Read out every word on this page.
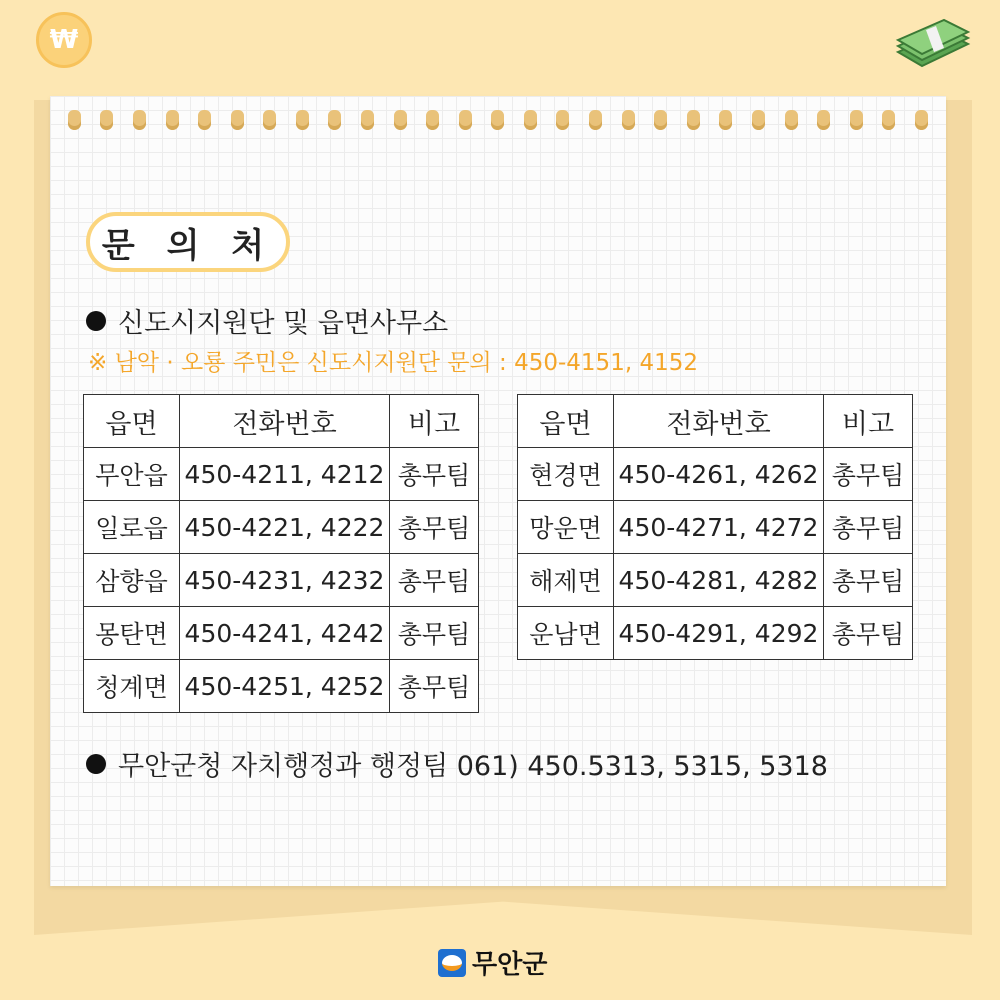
₩
문 의 처
신도시지원단 및 읍면사무소
※ 남악 · 오룡 주민은 신도시지원단 문의 : 450-4151, 4152
읍면	전화번호	비고
무안읍	450-4211, 4212	총무팀
일로읍	450-4221, 4222	총무팀
삼향읍	450-4231, 4232	총무팀
몽탄면	450-4241, 4242	총무팀
청계면	450-4251, 4252	총무팀
읍면	전화번호	비고
현경면	450-4261, 4262	총무팀
망운면	450-4271, 4272	총무팀
해제면	450-4281, 4282	총무팀
운남면	450-4291, 4292	총무팀
무안군청 자치행정과 행정팀 061) 450.5313, 5315, 5318
무안군
